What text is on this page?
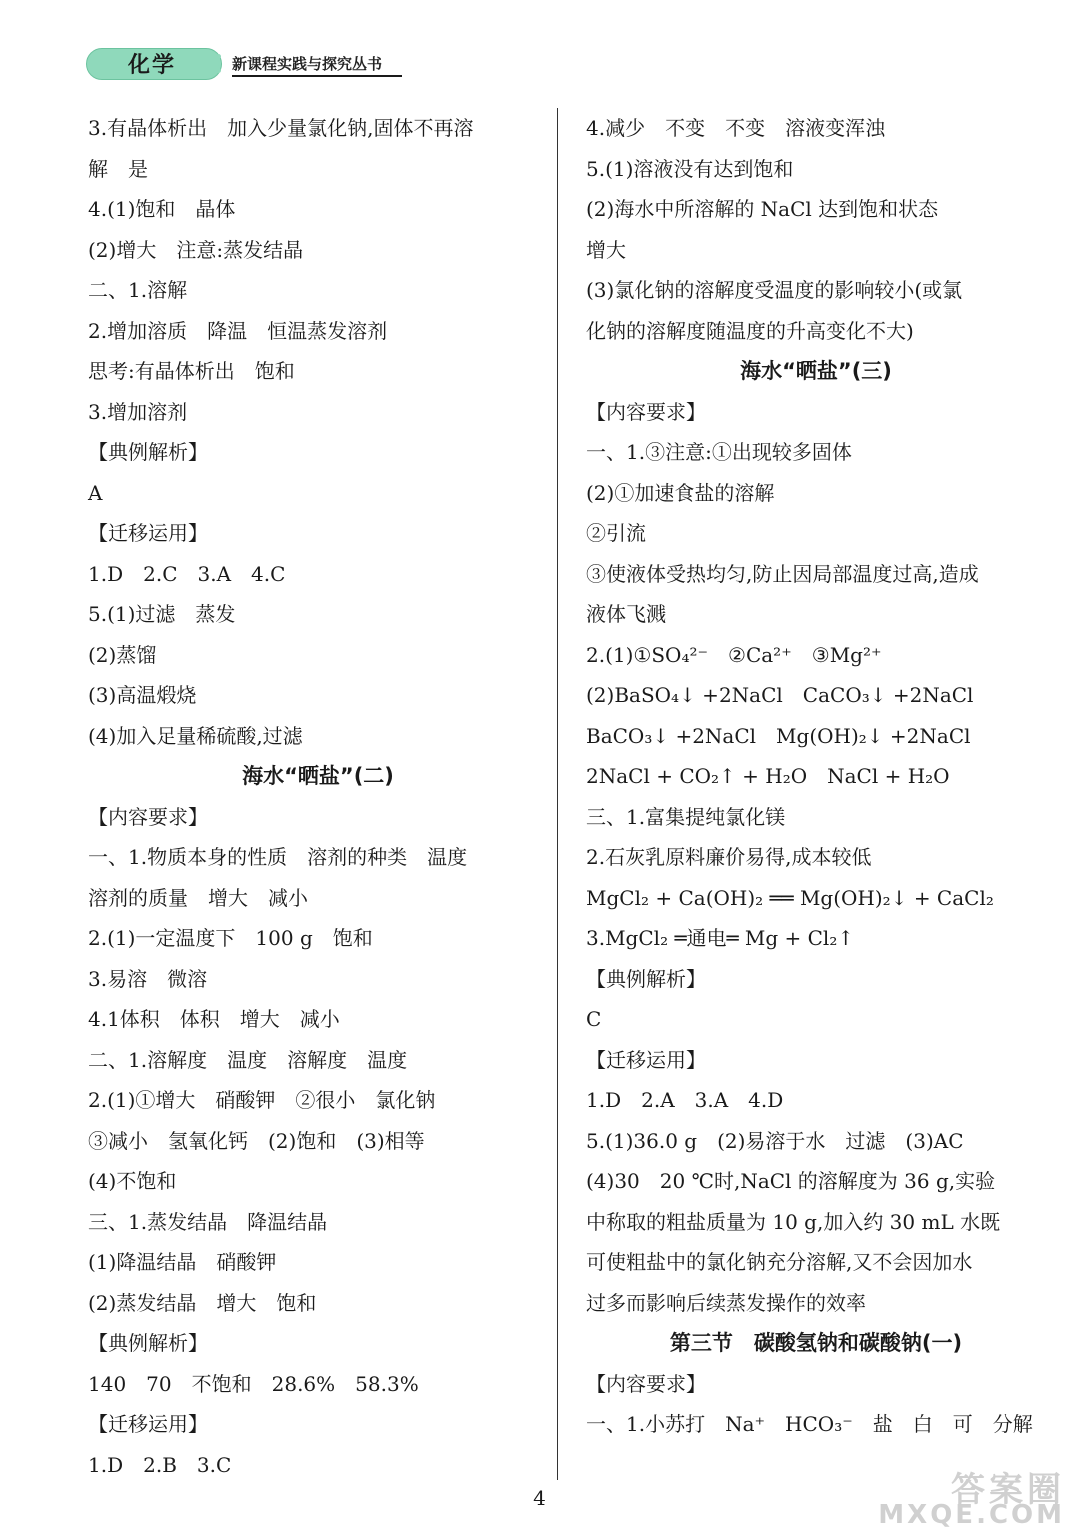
化学	新课程实践与探究丛书
3.有晶体析出　加入少量氯化钠,固体不再溶
解　是
4.(1)饱和　晶体
(2)增大　注意:蒸发结晶
二、1.溶解
2.增加溶质　降温　恒温蒸发溶剂
思考:有晶体析出　饱和
3.增加溶剂
【典例解析】
A
【迁移运用】
1.D　2.C　3.A　4.C
5.(1)过滤　蒸发
(2)蒸馏
(3)高温煅烧
(4)加入足量稀硫酸,过滤
海水“晒盐”(二)
【内容要求】
一、1.物质本身的性质　溶剂的种类　温度
溶剂的质量　增大　减小
2.(1)一定温度下　100 g　饱和
3.易溶　微溶
4.1体积　体积　增大　减小
二、1.溶解度　温度　溶解度　温度
2.(1)①增大　硝酸钾　②很小　氯化钠
③减小　氢氧化钙　(2)饱和　(3)相等
(4)不饱和
三、1.蒸发结晶　降温结晶
(1)降温结晶　硝酸钾
(2)蒸发结晶　增大　饱和
【典例解析】
140　70　不饱和　28.6%　58.3%
【迁移运用】
1.D　2.B　3.C
4.减少　不变　不变　溶液变浑浊
5.(1)溶液没有达到饱和
(2)海水中所溶解的 NaCl 达到饱和状态
增大
(3)氯化钠的溶解度受温度的影响较小(或氯
化钠的溶解度随温度的升高变化不大)
海水“晒盐”(三)
【内容要求】
一、1.③注意:①出现较多固体
(2)①加速食盐的溶解
②引流
③使液体受热均匀,防止因局部温度过高,造成
液体飞溅
2.(1)①SO₄²⁻　②Ca²⁺　③Mg²⁺
(2)BaSO₄↓ +2NaCl　CaCO₃↓ +2NaCl
BaCO₃↓ +2NaCl　Mg(OH)₂↓ +2NaCl
2NaCl + CO₂↑ + H₂O　NaCl + H₂O
三、1.富集提纯氯化镁
2.石灰乳原料廉价易得,成本较低
MgCl₂ + Ca(OH)₂ ══ Mg(OH)₂↓ + CaCl₂
3.MgCl₂ ═通电═ Mg + Cl₂↑
【典例解析】
C
【迁移运用】
1.D　2.A　3.A　4.D
5.(1)36.0 g　(2)易溶于水　过滤　(3)AC
(4)30　20 ℃时,NaCl 的溶解度为 36 g,实验
中称取的粗盐质量为 10 g,加入约 30 mL 水既
可使粗盐中的氯化钠充分溶解,又不会因加水
过多而影响后续蒸发操作的效率
第三节　碳酸氢钠和碳酸钠(一)
【内容要求】
一、1.小苏打　Na⁺　HCO₃⁻　盐　白　可　分解
4	答案圈
MXQE.COM
